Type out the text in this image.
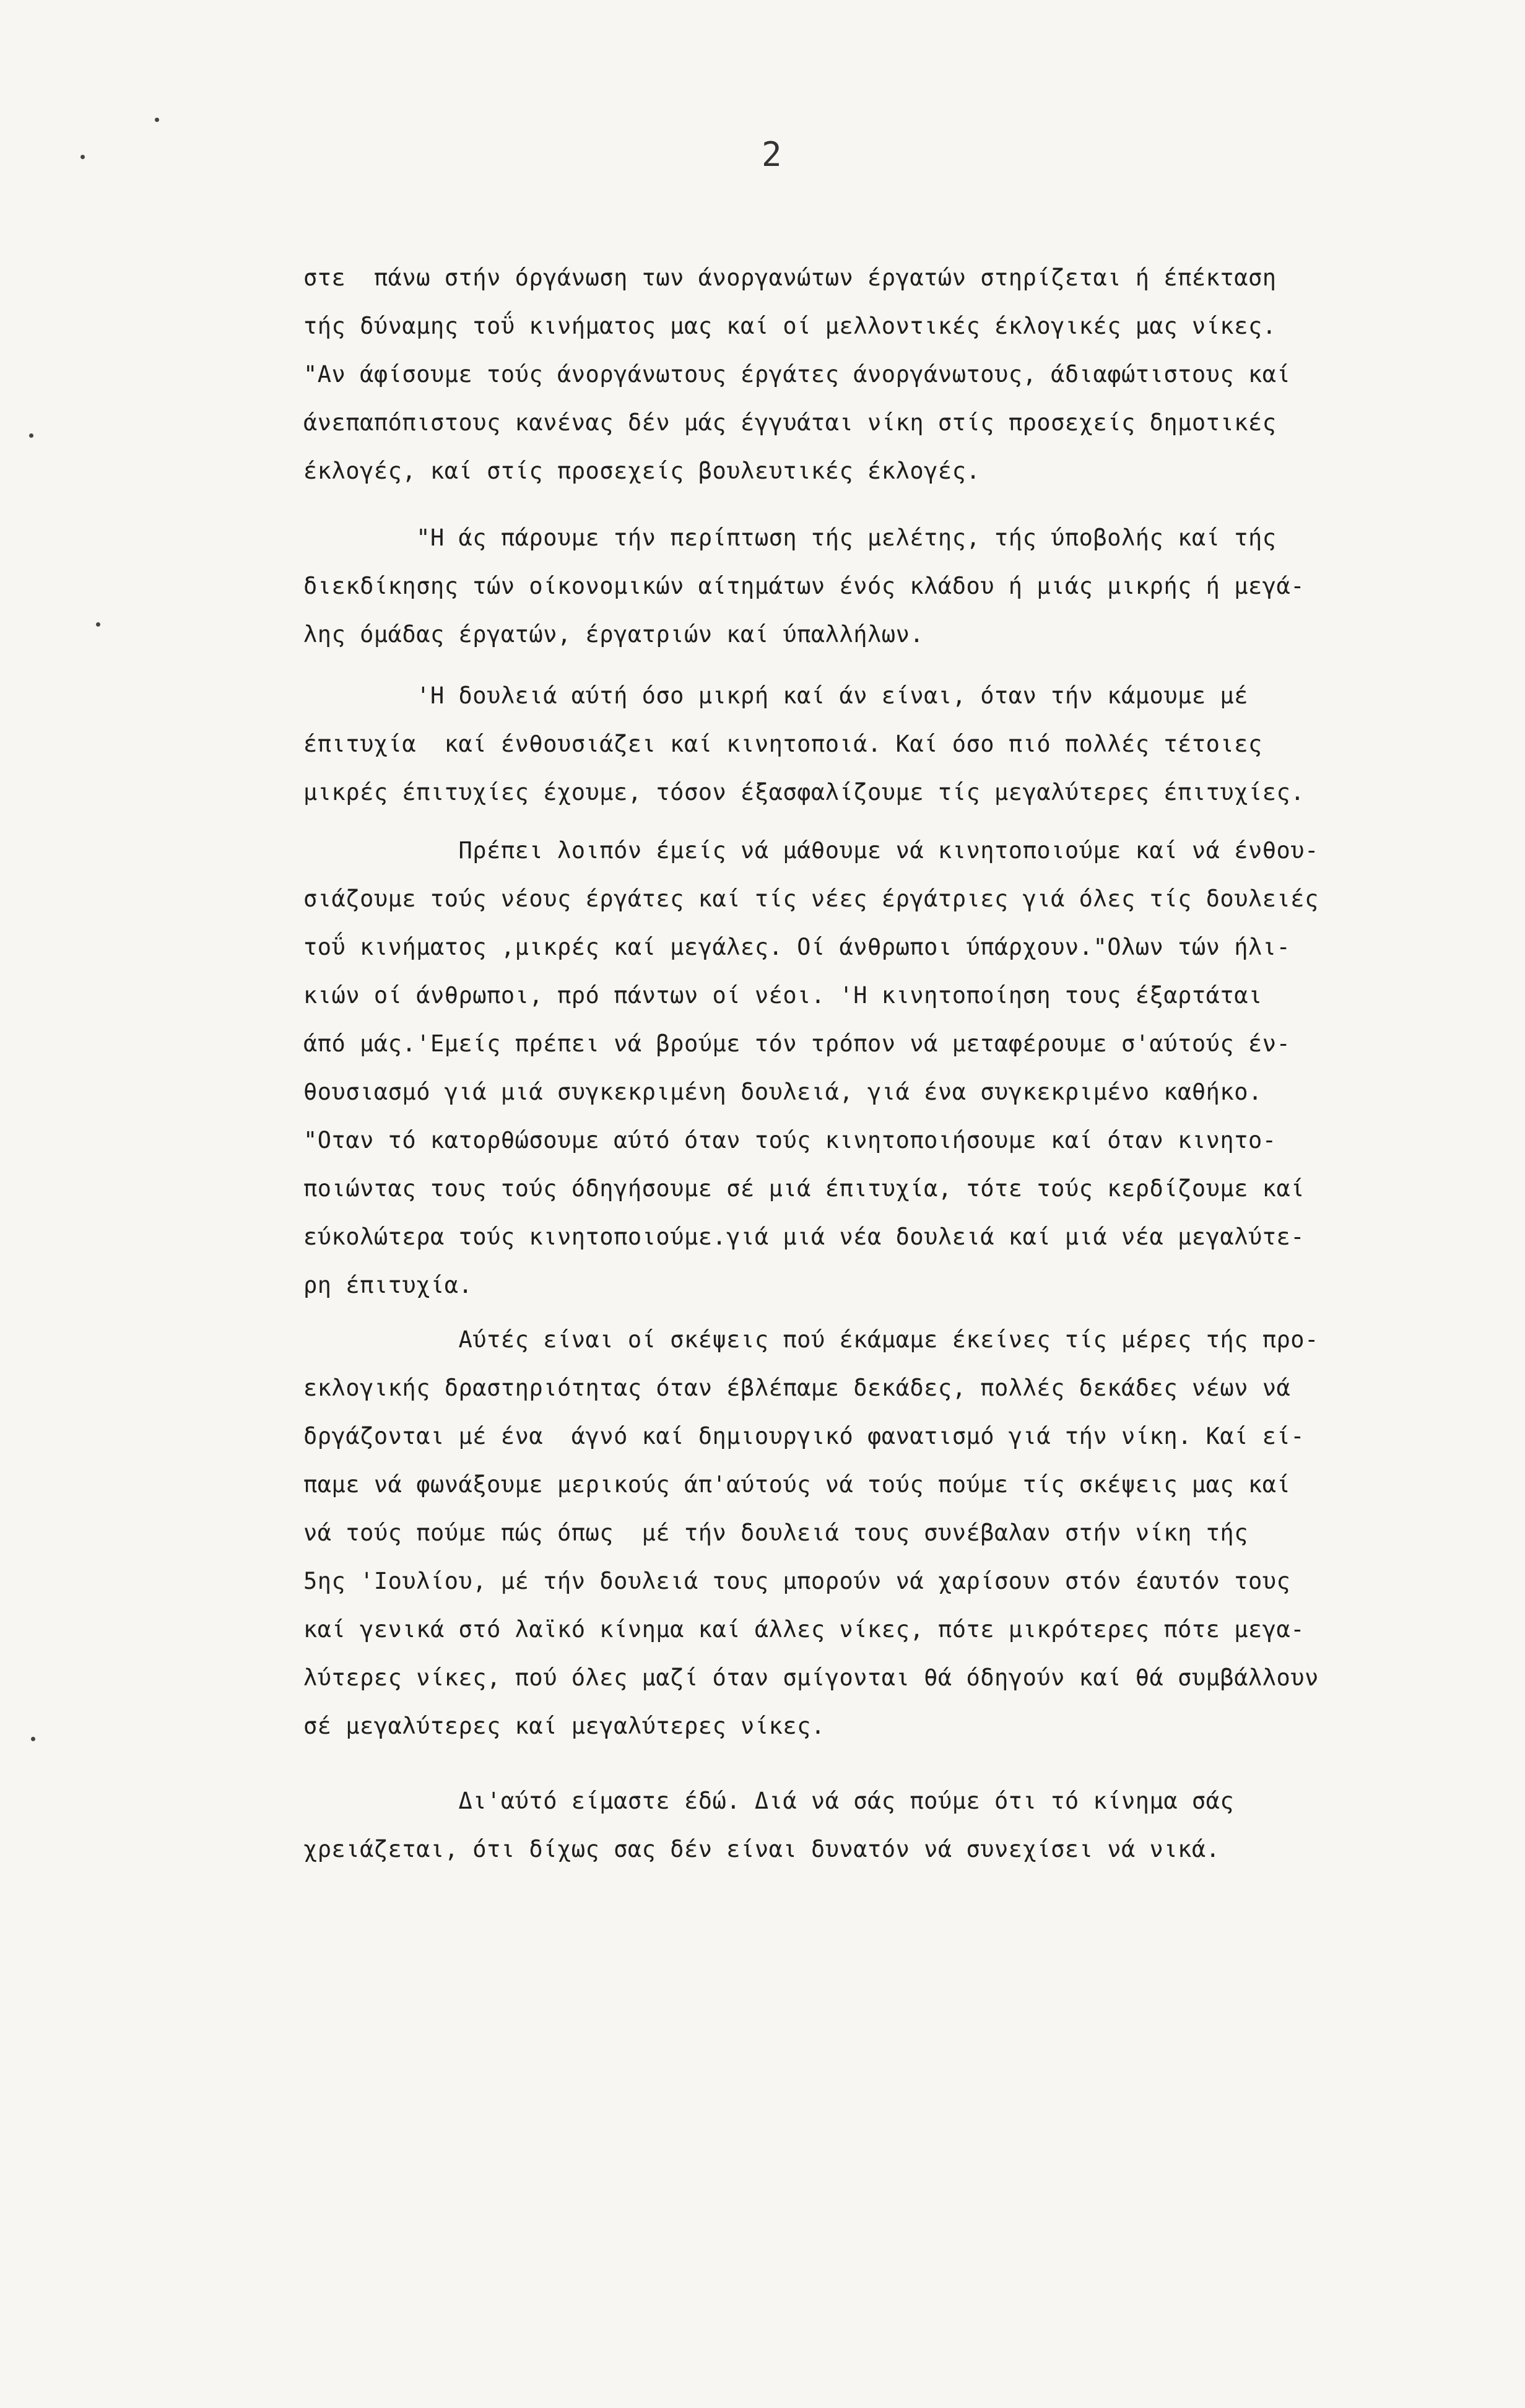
2
στε  πάνω στήν όργάνωση των άνοργανώτων έργατών στηρίζεται ή έπέκταση
τής δύναμης τοΰ κινήματος μας καί οί μελλοντικές έκλογικές μας νίκες.
"Αν άφίσουμε τούς άνοργάνωτους έργάτες άνοργάνωτους, άδιαφώτιστους καί
άνεπαπόπιστους κανένας δέν μάς έγγυάται νίκη στίς προσεχείς δημοτικές
έκλογές, καί στίς προσεχείς βουλευτικές έκλογές.
"Η άς πάρουμε τήν περίπτωση τής μελέτης, τής ύποβολής καί τής
διεκδίκησης τών οίκονομικών αίτημάτων ένός κλάδου ή μιάς μικρής ή μεγά-
λης όμάδας έργατών, έργατριών καί ύπαλλήλων.
'Η δουλειά αύτή όσο μικρή καί άν είναι, όταν τήν κάμουμε μέ
έπιτυχία  καί ένθουσιάζει καί κινητοποιά. Καί όσο πιό πολλές τέτοιες
μικρές έπιτυχίες έχουμε, τόσον έξασφαλίζουμε τίς μεγαλύτερες έπιτυχίες.
Πρέπει λοιπόν έμείς νά μάθουμε νά κινητοποιούμε καί νά ένθου-
σιάζουμε τούς νέους έργάτες καί τίς νέες έργάτριες γιά όλες τίς δουλειές
τοΰ κινήματος ,μικρές καί μεγάλες. Οί άνθρωποι ύπάρχουν."Ολων τών ήλι-
κιών οί άνθρωποι, πρό πάντων οί νέοι. 'Η κινητοποίηση τους έξαρτάται
άπό μάς.'Εμείς πρέπει νά βρούμε τόν τρόπον νά μεταφέρουμε σ'αύτούς έν-
θουσιασμό γιά μιά συγκεκριμένη δουλειά, γιά ένα συγκεκριμένο καθήκο.
"Οταν τό κατορθώσουμε αύτό όταν τούς κινητοποιήσουμε καί όταν κινητο-
ποιώντας τους τούς όδηγήσουμε σέ μιά έπιτυχία, τότε τούς κερδίζουμε καί
εύκολώτερα τούς κινητοποιούμε.γιά μιά νέα δουλειά καί μιά νέα μεγαλύτε-
ρη έπιτυχία.
Αύτές είναι οί σκέψεις πού έκάμαμε έκείνες τίς μέρες τής προ-
εκλογικής δραστηριότητας όταν έβλέπαμε δεκάδες, πολλές δεκάδες νέων νά
δργάζονται μέ ένα  άγνό καί δημιουργικό φανατισμό γιά τήν νίκη. Καί εί-
παμε νά φωνάξουμε μερικούς άπ'αύτούς νά τούς πούμε τίς σκέψεις μας καί
νά τούς πούμε πώς όπως  μέ τήν δουλειά τους συνέβαλαν στήν νίκη τής
5ης 'Ιουλίου, μέ τήν δουλειά τους μπορούν νά χαρίσουν στόν έαυτόν τους
καί γενικά στό λαϊκό κίνημα καί άλλες νίκες, πότε μικρότερες πότε μεγα-
λύτερες νίκες, πού όλες μαζί όταν σμίγονται θά όδηγούν καί θά συμβάλλουν
σέ μεγαλύτερες καί μεγαλύτερες νίκες.
Δι'αύτό είμαστε έδώ. Διά νά σάς πούμε ότι τό κίνημα σάς
χρειάζεται, ότι δίχως σας δέν είναι δυνατόν νά συνεχίσει νά νικά.
